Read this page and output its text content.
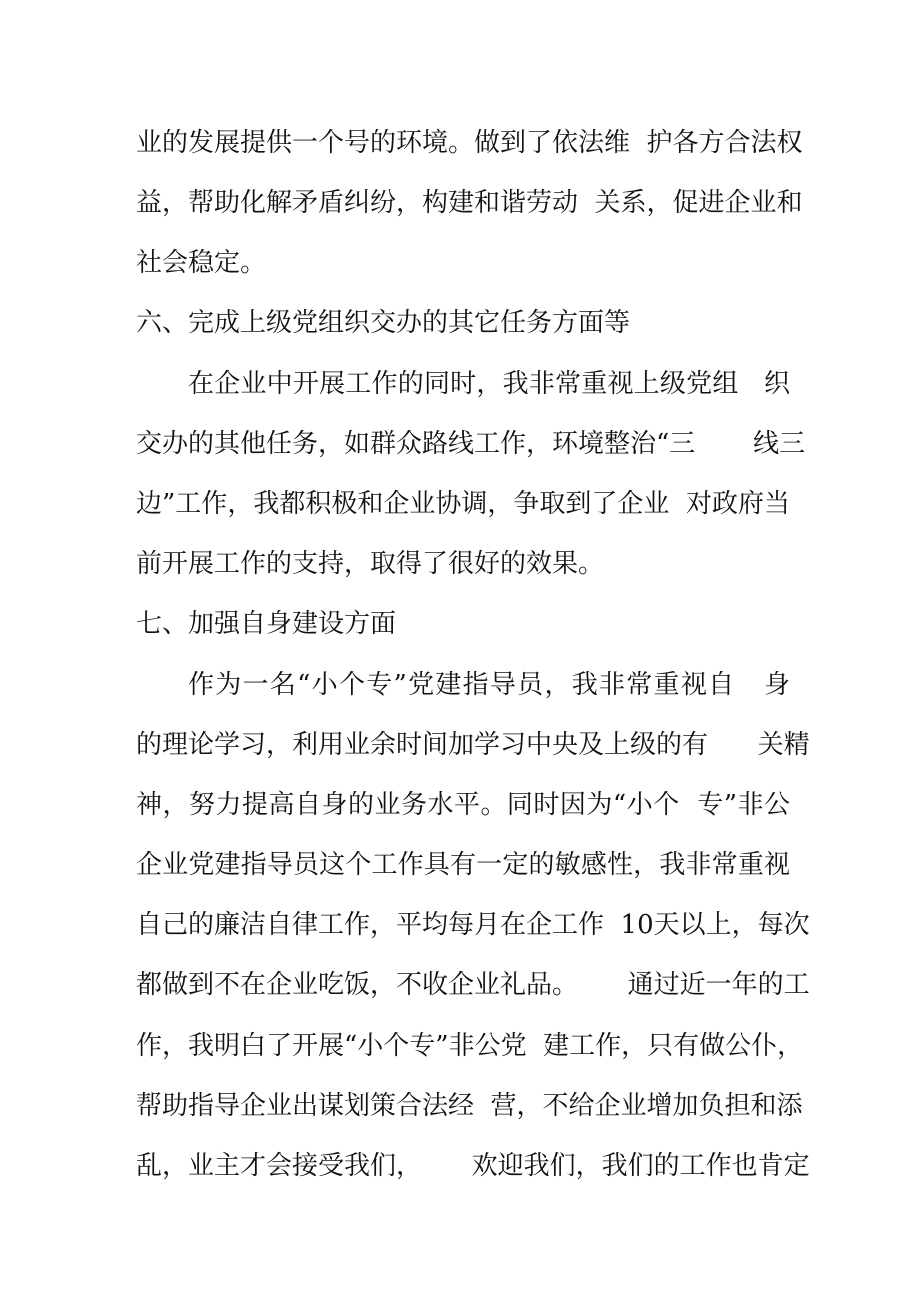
业的发展提供一个号的环境。做到了依法维  护各方合法权
益，帮助化解矛盾纠纷，构建和谐劳动  关系，促进企业和
社会稳定。
六、完成上级党组织交办的其它任务方面等
在企业中开展工作的同时，我非常重视上级党组   织
交办的其他任务，如群众路线工作，环境整治“三       线三
边”工作，我都积极和企业协调，争取到了企业  对政府当
前开展工作的支持，取得了很好的效果。
七、加强自身建设方面
作为一名“小个专”党建指导员，我非常重视自   身
的理论学习，利用业余时间加学习中央及上级的有      关精
神，努力提高自身的业务水平。同时因为“小个  专”非公
企业党建指导员这个工作具有一定的敏感性，我非常重视
自己的廉洁自律工作，平均每月在企工作  10天以上，每次
都做到不在企业吃饭，不收企业礼品。      通过近一年的工
作，我明白了开展“小个专”非公党  建工作，只有做公仆，
帮助指导企业出谋划策合法经  营，不给企业增加负担和添
乱，业主才会接受我们，      欢迎我们，我们的工作也肯定
